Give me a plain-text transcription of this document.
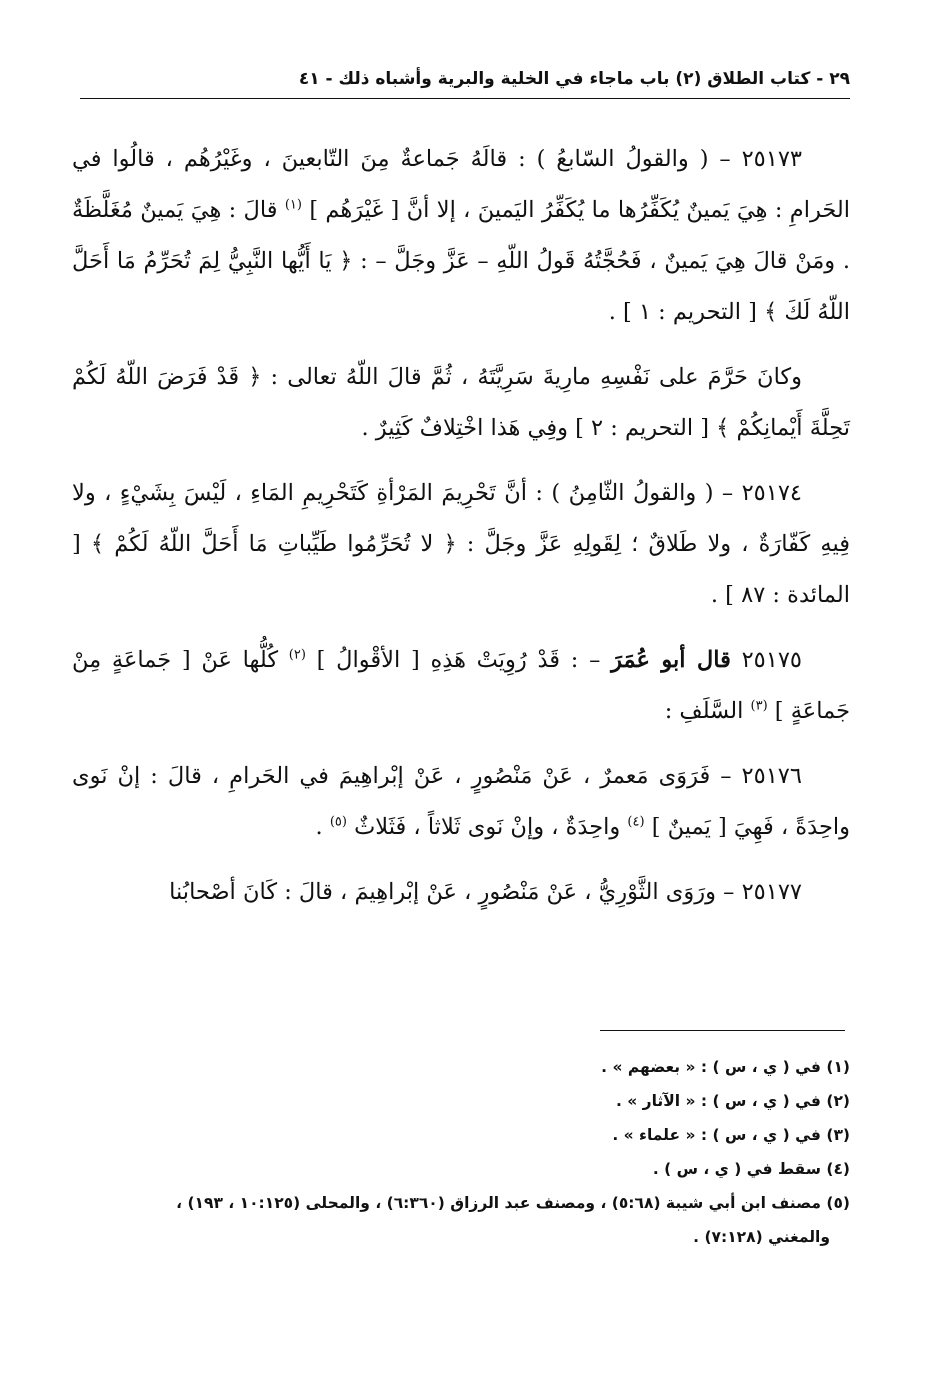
٢٩ - كتاب الطلاق (٢) باب ماجاء في الخلية والبرية وأشباه ذلك - ٤١

٢٥١٧٣ – ( والقولُ السّابعُ ) : قالَهُ جَماعةٌ مِنَ التّابعينَ ، وغَيْرُهُم ، قالُوا في الحَرامِ : هِيَ يَمينٌ يُكَفِّرُها ما يُكَفِّرُ اليَمينَ ، إلا أنَّ [ غَيْرَهُم ] $^{(١)}$ قالَ : هِيَ يَمينٌ مُغَلَّظَةٌ . ومَنْ قالَ هِيَ يَمينٌ ، فَحُجَّتُهُ قَولُ اللّهِ – عَزَّ وجَلَّ – : ﴿ يَا أَيُّها النَّبِيُّ لِمَ تُحَرِّمُ مَا أَحَلَّ اللّهُ لَكَ ﴾ [ التحريم : ١ ] .

وكانَ حَرَّمَ على نَفْسِهِ مارِيةَ سَرِيَّتَهُ ، ثُمَّ قالَ اللّهُ تعالى : ﴿ قَدْ فَرَضَ اللّهُ لَكُمْ تَحِلَّةَ أَيْمانِكُمْ ﴾ [ التحريم : ٢ ] وفِي هَذا اخْتِلافٌ كَثِيرٌ .

٢٥١٧٤ – ( والقولُ الثّامِنُ ) : أنَّ تَحْرِيمَ المَرْأةِ كَتَحْرِيمِ المَاءِ ، لَيْسَ بِشَيْءٍ ، ولا فِيهِ كَفّارَةٌ ، ولا طَلاقٌ ؛ لِقَولِهِ عَزَّ وجَلَّ : ﴿ لا تُحَرِّمُوا طَيِّباتِ مَا أَحَلَّ اللّهُ لَكُمْ ﴾ [ المائدة : ٨٧ ] .

٢٥١٧٥ قال أبو عُمَرَ – : قَدْ رُوِيَتْ هَذِهِ [ الأقْوالُ ] $^{(٢)}$ كُلُّها عَنْ [ جَماعَةٍ مِنْ جَماعَةٍ ] $^{(٣)}$ السَّلَفِ :

٢٥١٧٦ – فَرَوَى مَعمرٌ ، عَنْ مَنْصُورٍ ، عَنْ إبْراهِيمَ في الحَرامِ ، قالَ : إنْ نَوى واحِدَةً ، فَهِيَ [ يَمينٌ ] $^{(٤)}$ واحِدَةٌ ، وإنْ نَوى ثَلاثاً ، فَثَلاثٌ $^{(٥)}$ .

٢٥١٧٧ – ورَوَى الثَّوْرِيُّ ، عَنْ مَنْصُورٍ ، عَنْ إبْراهِيمَ ، قالَ : كَانَ أصْحابُنا

(١) في ( ي ، س ) : « بعضهم » .

(٢) في ( ي ، س ) : « الآثار » .

(٣) في ( ي ، س ) : « علماء » .

(٤) سقط في ( ي ، س ) .

(٥) مصنف ابن أبي شيبة (٥:٦٨) ، ومصنف عبد الرزاق (٦:٣٦٠) ، والمحلى (١٠:١٢٥ ، ١٩٣) ،

والمغني (٧:١٢٨) .
